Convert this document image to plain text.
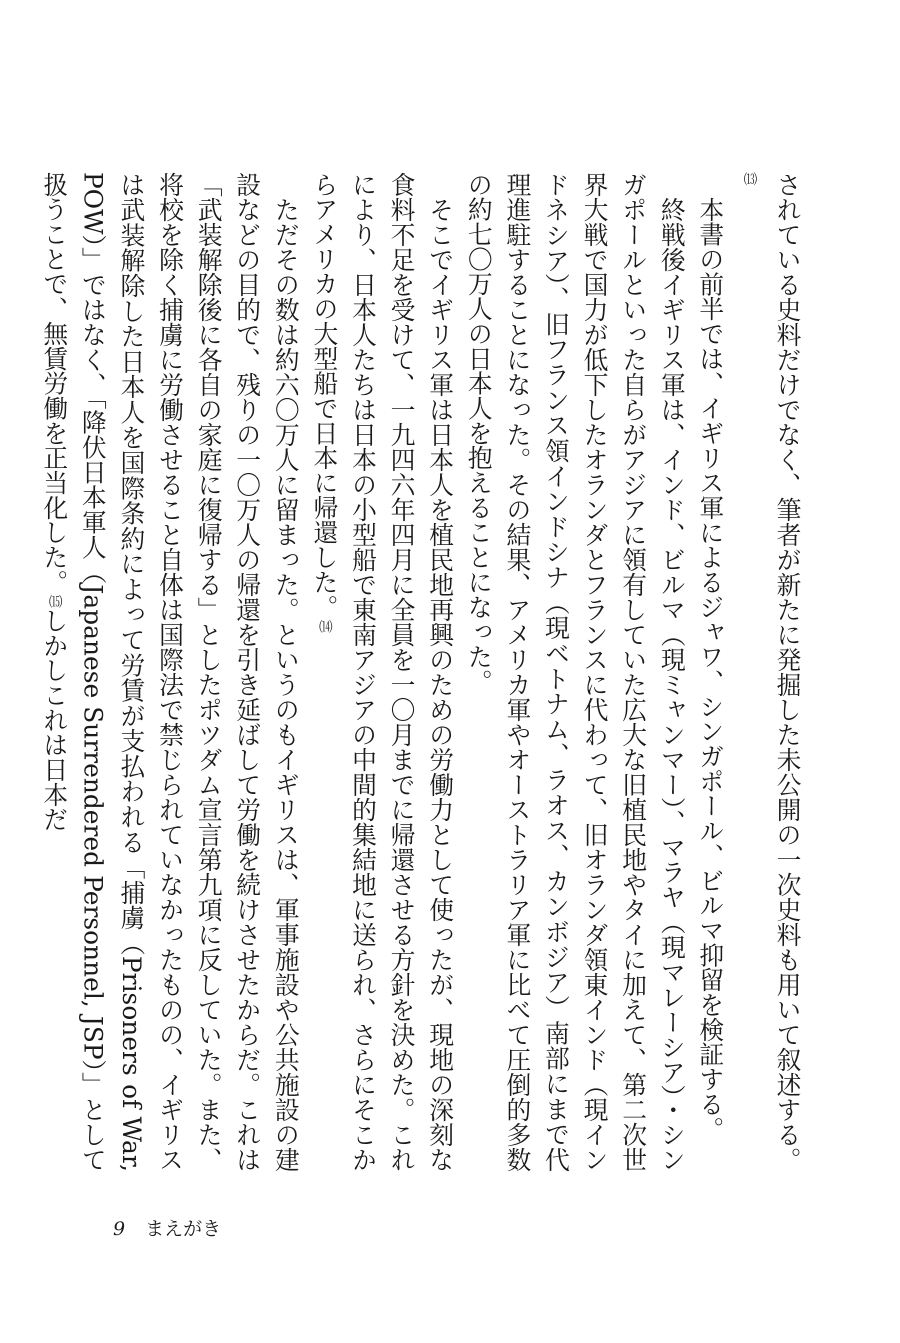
されている史料だけでなく、筆者が新たに発掘した未公開の一次史料も用いて叙述する。⒀

本書の前半では、イギリス軍によるジャワ、シンガポール、ビルマ抑留を検証する。

終戦後イギリス軍は、インド、ビルマ（現ミャンマー）、マラヤ（現マレーシア）・シンガポールといった自らがアジアに領有していた広大な旧植民地やタイに加えて、第二次世界大戦で国力が低下したオランダとフランスに代わって、旧オランダ領東インド（現インドネシア）、旧フランス領インドシナ（現ベトナム、ラオス、カンボジア）南部にまで代理進駐することになった。その結果、アメリカ軍やオーストラリア軍に比べて圧倒的多数の約七〇万人の日本人を抱えることになった。

そこでイギリス軍は日本人を植民地再興のための労働力として使ったが、現地の深刻な食料不足を受けて、一九四六年四月に全員を一〇月までに帰還させる方針を決めた。これにより、日本人たちは日本の小型船で東南アジアの中間的集結地に送られ、さらにそこからアメリカの大型船で日本に帰還した。⒁

ただその数は約六〇万人に留まった。というのもイギリスは、軍事施設や公共施設の建設などの目的で、残りの一〇万人の帰還を引き延ばして労働を続けさせたからだ。これは「武装解除後に各自の家庭に復帰する」としたポツダム宣言第九項に反していた。また、将校を除く捕虜に労働させること自体は国際法で禁じられていなかったものの、イギリスは武装解除した日本人を国際条約によって労賃が支払われる「捕虜（Prisoners of War, POW）」ではなく、「降伏日本軍人（Japanese Surrendered Personnel, JSP）」として扱うことで、無賃労働を正当化した。⒂しかしこれは日本だ

9 まえがき
